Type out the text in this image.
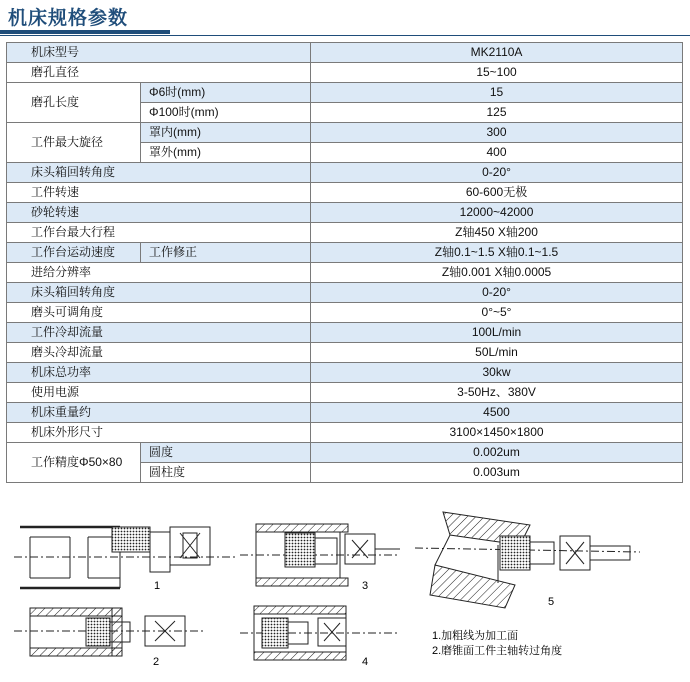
机床规格参数
机床型号		MK2110A
磨孔直径		15~100
磨孔长度	Φ6时(mm)	15
	Φ100时(mm)	125
工件最大旋径	罩内(mm)	300
	罩外(mm)	400
床头箱回转角度		0-20°
工件转速		60-600无极
砂轮转速		12000~42000
工作台最大行程		Z轴450 X轴200
工作台运动速度	工作修正	Z轴0.1~1.5 X轴0.1~1.5
进给分辨率		Z轴0.001 X轴0.0005
床头箱回转角度		0-20°
磨头可调角度		0°~5°
工件冷却流量		100L/min
磨头冷却流量		50L/min
机床总功率		30kw
使用电源		3-50Hz、380V
机床重量约		4500
机床外形尺寸		3100×1450×1800
工作精度Φ50×80	圆度	0.002um
	圆柱度	0.003um
1
2
3
4
5
1.加粗线为加工面
2.磨锥面工件主轴转过角度
